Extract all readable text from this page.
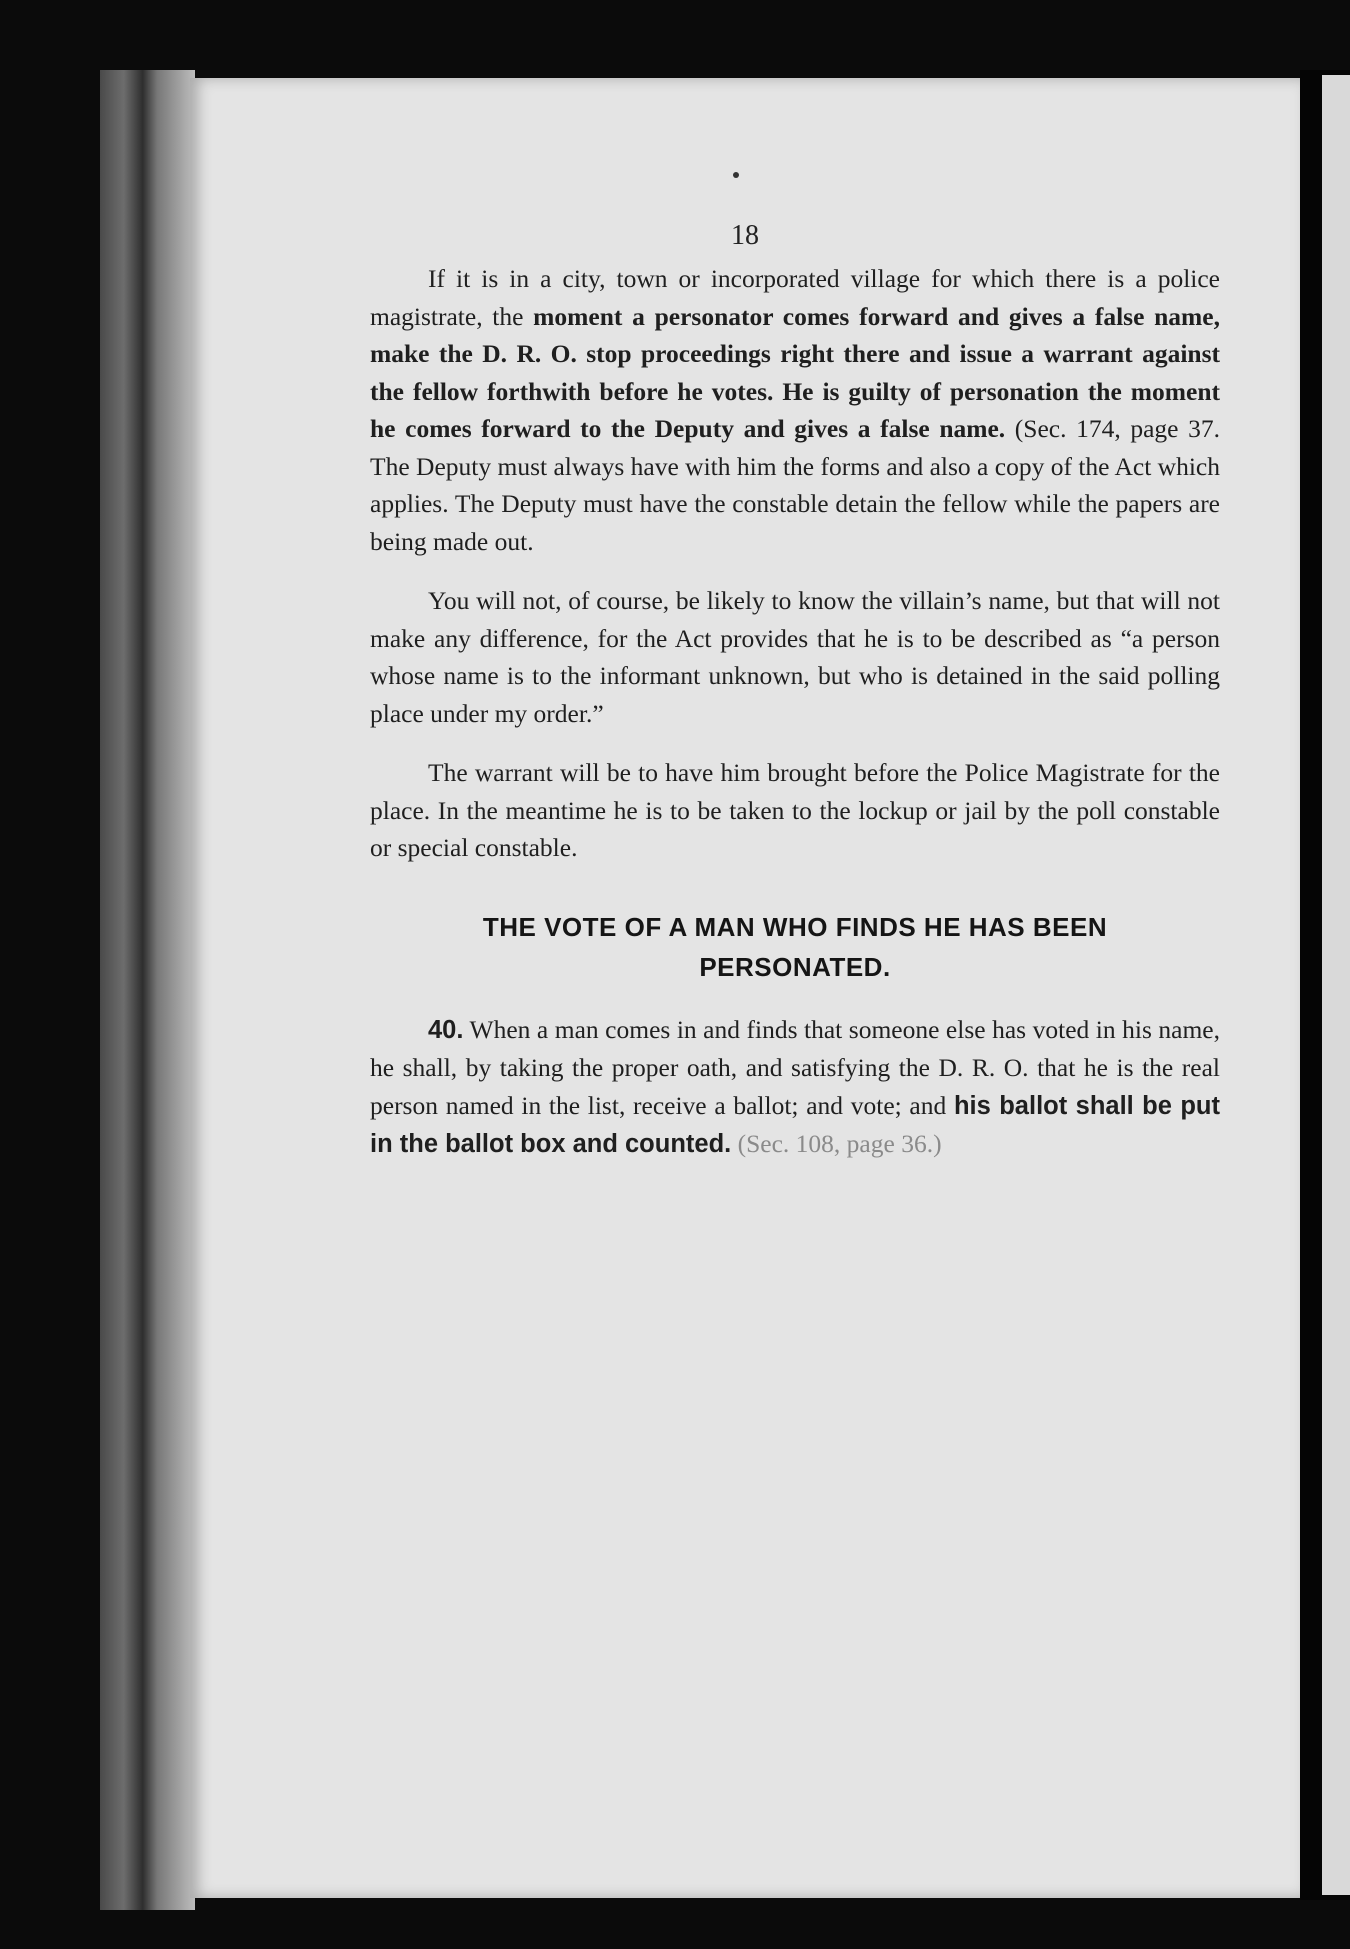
18

If it is in a city, town or incorporated village for which there is a police magistrate, the moment a personator comes forward and gives a false name, make the D. R. O. stop proceedings right there and issue a warrant against the fellow forthwith before he votes. He is guilty of personation the moment he comes forward to the Deputy and gives a false name. (Sec. 174, page 37. The Deputy must always have with him the forms and also a copy of the Act which applies. The Deputy must have the constable detain the fellow while the papers are being made out.

You will not, of course, be likely to know the villain’s name, but that will not make any difference, for the Act provides that he is to be described as “a person whose name is to the informant unknown, but who is detained in the said polling place under my order.”

The warrant will be to have him brought before the Police Magistrate for the place. In the meantime he is to be taken to the lockup or jail by the poll constable or special constable.

THE VOTE OF A MAN WHO FINDS HE HAS BEEN
PERSONATED.

40. When a man comes in and finds that someone else has voted in his name, he shall, by taking the proper oath, and satisfying the D. R. O. that he is the real person named in the list, receive a ballot; and vote; and his ballot shall be put in the ballot box and counted. (Sec. 108, page 36.)
